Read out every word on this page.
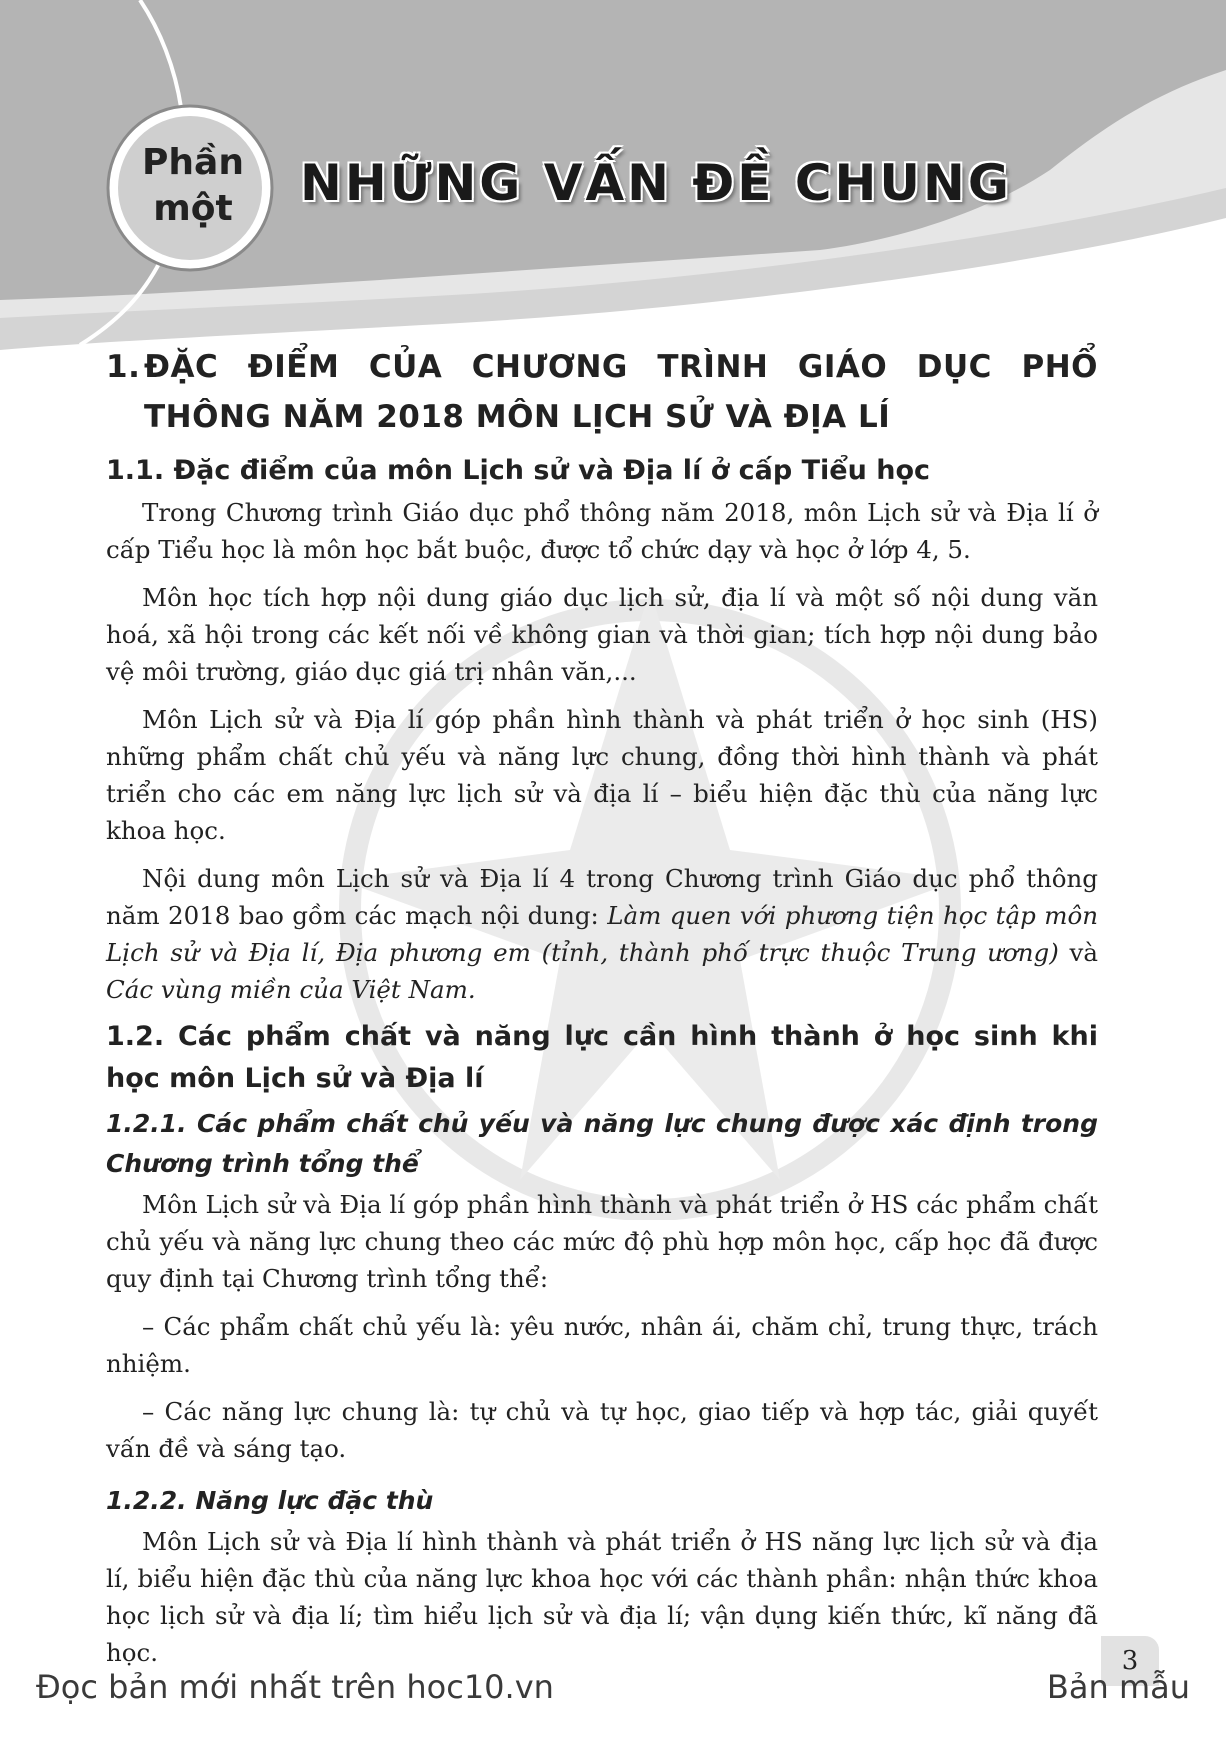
Phần
một	NHỮNG VẤN ĐỀ CHUNG
1. ĐẶC ĐIỂM CỦA CHƯƠNG TRÌNH GIÁO DỤC PHỔ THÔNG NĂM 2018 MÔN LỊCH SỬ VÀ ĐỊA LÍ
1.1. Đặc điểm của môn Lịch sử và Địa lí ở cấp Tiểu học
Trong Chương trình Giáo dục phổ thông năm 2018, môn Lịch sử và Địa lí ở cấp Tiểu học là môn học bắt buộc, được tổ chức dạy và học ở lớp 4, 5.
Môn học tích hợp nội dung giáo dục lịch sử, địa lí và một số nội dung văn hoá, xã hội trong các kết nối về không gian và thời gian; tích hợp nội dung bảo vệ môi trường, giáo dục giá trị nhân văn,...
Môn Lịch sử và Địa lí góp phần hình thành và phát triển ở học sinh (HS) những phẩm chất chủ yếu và năng lực chung, đồng thời hình thành và phát triển cho các em năng lực lịch sử và địa lí – biểu hiện đặc thù của năng lực khoa học.
Nội dung môn Lịch sử và Địa lí 4 trong Chương trình Giáo dục phổ thông năm 2018 bao gồm các mạch nội dung: Làm quen với phương tiện học tập môn Lịch sử và Địa lí, Địa phương em (tỉnh, thành phố trực thuộc Trung ương) và Các vùng miền của Việt Nam.
1.2. Các phẩm chất và năng lực cần hình thành ở học sinh khi học môn Lịch sử và Địa lí
1.2.1. Các phẩm chất chủ yếu và năng lực chung được xác định trong Chương trình tổng thể
Môn Lịch sử và Địa lí góp phần hình thành và phát triển ở HS các phẩm chất chủ yếu và năng lực chung theo các mức độ phù hợp môn học, cấp học đã được quy định tại Chương trình tổng thể:
– Các phẩm chất chủ yếu là: yêu nước, nhân ái, chăm chỉ, trung thực, trách nhiệm.
– Các năng lực chung là: tự chủ và tự học, giao tiếp và hợp tác, giải quyết vấn đề và sáng tạo.
1.2.2. Năng lực đặc thù
Môn Lịch sử và Địa lí hình thành và phát triển ở HS năng lực lịch sử và địa lí, biểu hiện đặc thù của năng lực khoa học với các thành phần: nhận thức khoa học lịch sử và địa lí; tìm hiểu lịch sử và địa lí; vận dụng kiến thức, kĩ năng đã học.	3
Đọc bản mới nhất trên hoc10.vn	Bản mẫu
